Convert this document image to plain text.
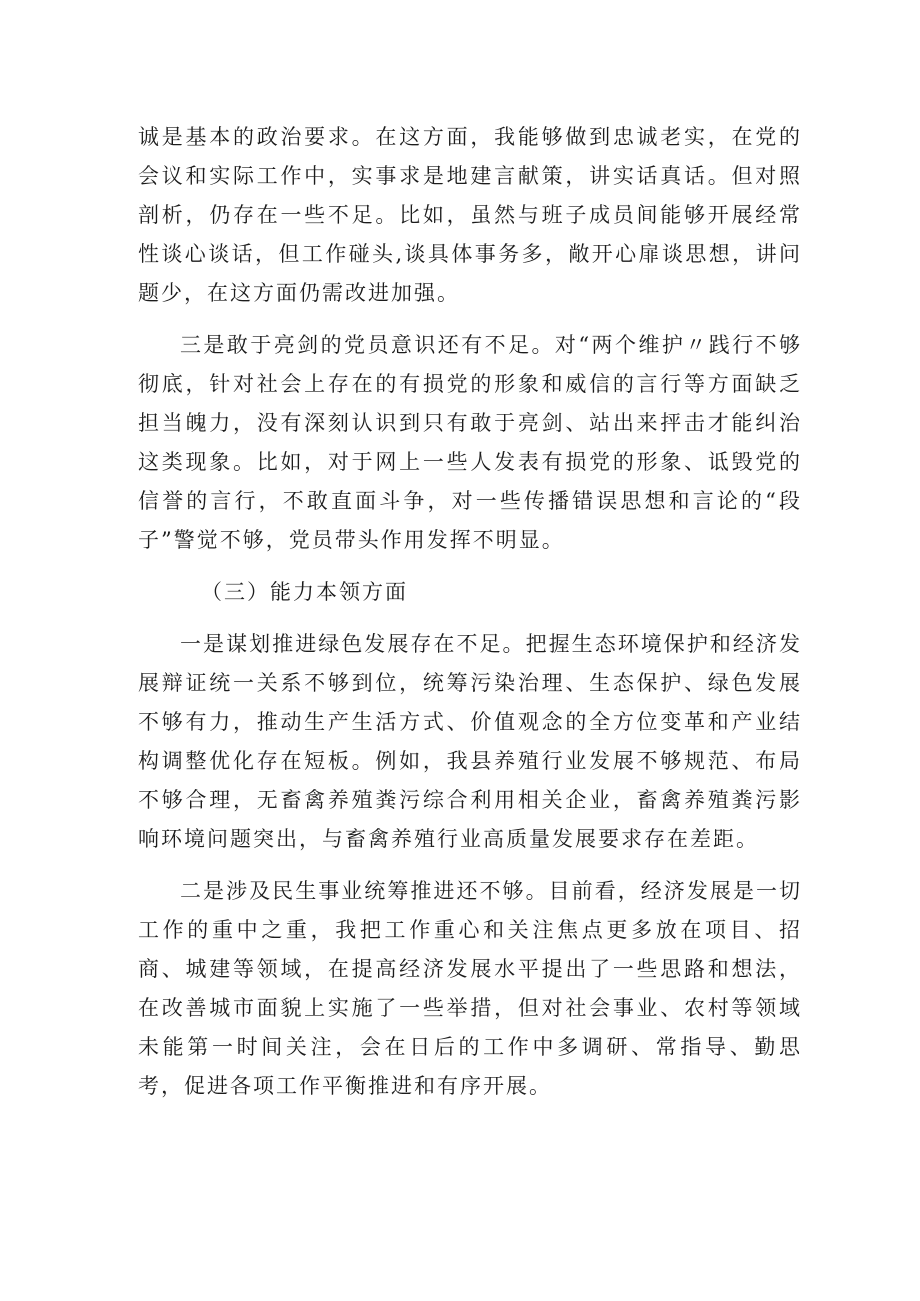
诚是基本的政治要求。在这方面，我能够做到忠诚老实，在党的会议和实际工作中，实事求是地建言献策，讲实话真话。但对照剖析，仍存在一些不足。比如，虽然与班子成员间能够开展经常性谈心谈话，但工作碰头,谈具体事务多，敞开心扉谈思想，讲问题少，在这方面仍需改进加强。

三是敢于亮剑的党员意识还有不足。对“两个维护〃践行不够彻底，针对社会上存在的有损党的形象和威信的言行等方面缺乏担当魄力，没有深刻认识到只有敢于亮剑、站出来抨击才能纠治这类现象。比如，对于网上一些人发表有损党的形象、诋毁党的信誉的言行，不敢直面斗争，对一些传播错误思想和言论的“段子”警觉不够，党员带头作用发挥不明显。

（三）能力本领方面

一是谋划推进绿色发展存在不足。把握生态环境保护和经济发展辩证统一关系不够到位，统筹污染治理、生态保护、绿色发展不够有力，推动生产生活方式、价值观念的全方位变革和产业结构调整优化存在短板。例如，我县养殖行业发展不够规范、布局不够合理，无畜禽养殖粪污综合利用相关企业，畜禽养殖粪污影响环境问题突出，与畜禽养殖行业高质量发展要求存在差距。

二是涉及民生事业统筹推进还不够。目前看，经济发展是一切工作的重中之重，我把工作重心和关注焦点更多放在项目、招商、城建等领域，在提高经济发展水平提出了一些思路和想法，在改善城市面貌上实施了一些举措，但对社会事业、农村等领域未能第一时间关注，会在日后的工作中多调研、常指导、勤思考，促进各项工作平衡推进和有序开展。
